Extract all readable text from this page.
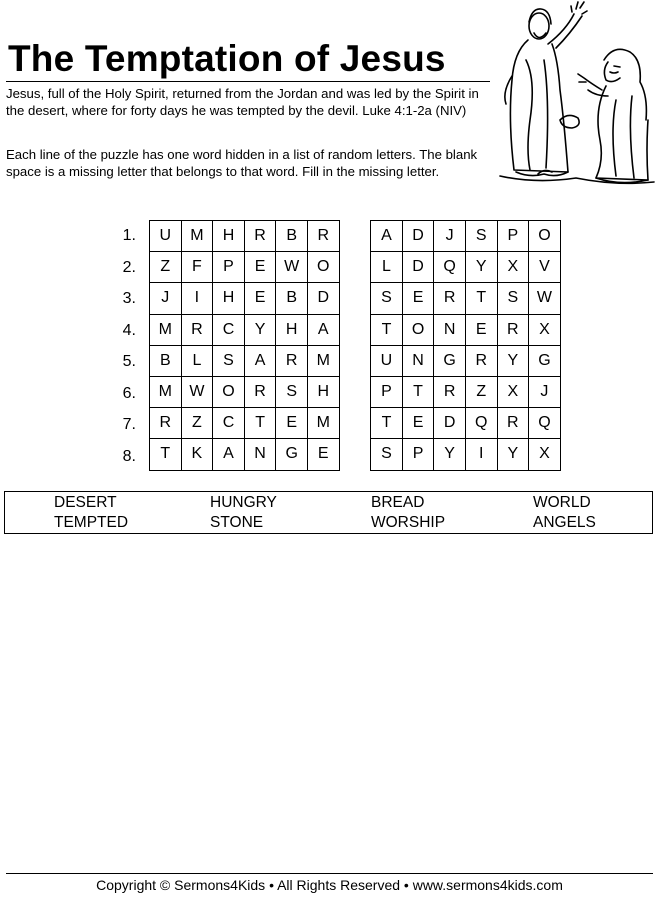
The Temptation of Jesus

Jesus, full of the Holy Spirit, returned from the Jordan and was led by the Spirit in the desert, where for forty days he was tempted by the devil. Luke 4:1-2a (NIV)

Each line of the puzzle has one word hidden in a list of random letters. The blank space is a missing letter that belongs to that word. Fill in the missing letter.

1.
2.
3.
4.
5.
6.
7.
8.
U	M	H	R	B	R		A	D	J	S	P	O
Z	F	P	E	W	O		L	D	Q	Y	X	V
J	I	H	E	B	D		S	E	R	T	S	W
M	R	C	Y	H	A		T	O	N	E	R	X
B	L	S	A	R	M		U	N	G	R	Y	G
M	W	O	R	S	H		P	T	R	Z	X	J
R	Z	C	T	E	M		T	E	D	Q	R	Q
T	K	A	N	G	E		S	P	Y	I	Y	X
DESERT	HUNGRY	BREAD	WORLD
TEMPTED	STONE	WORSHIP	ANGELS
Copyright © Sermons4Kids • All Rights Reserved • www.sermons4kids.com
